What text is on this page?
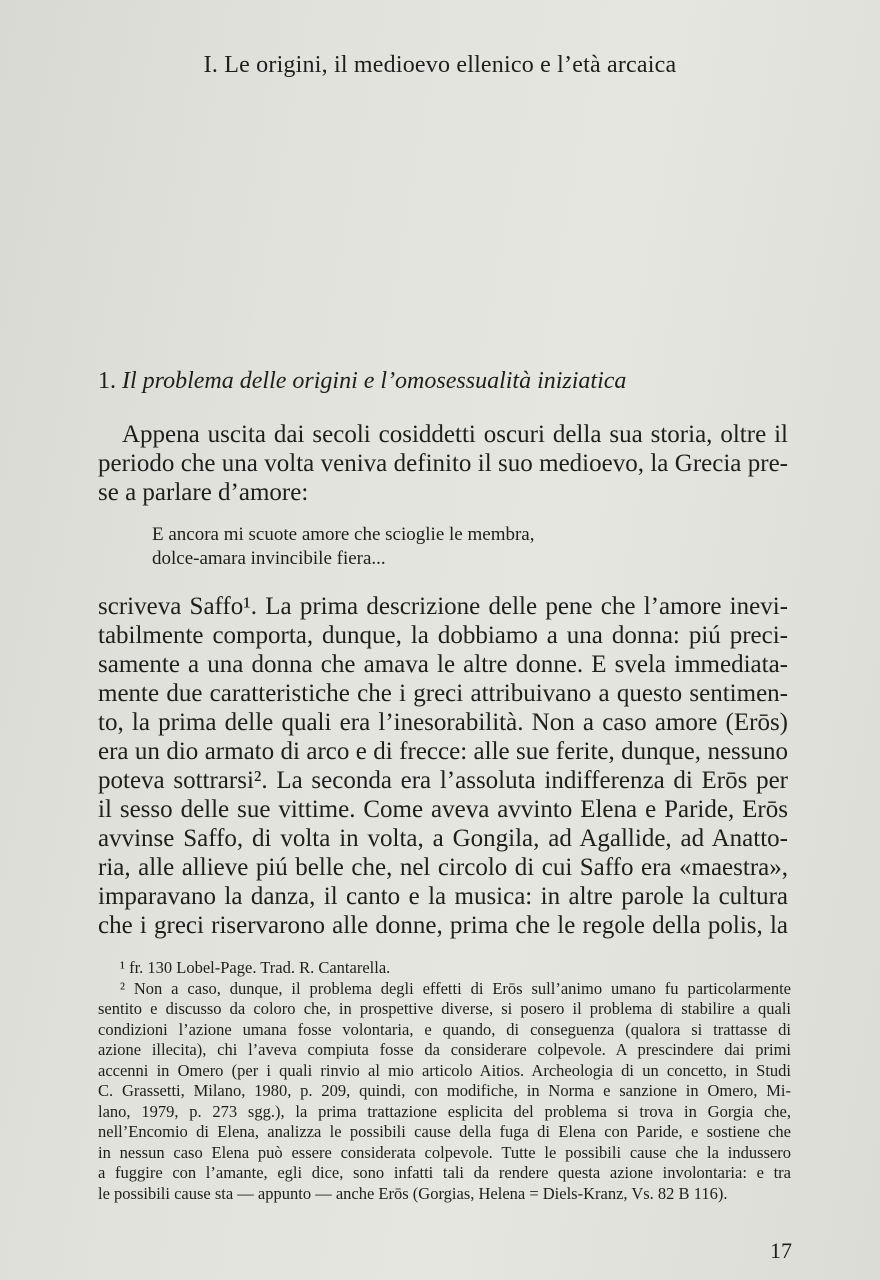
I. Le origini, il medioevo ellenico e l’età arcaica
1. Il problema delle origini e l’omosessualità iniziatica
Appena uscita dai secoli cosiddetti oscuri della sua storia, oltre il
periodo che una volta veniva definito il suo medioevo, la Grecia pre-
se a parlare d’amore:
E ancora mi scuote amore che scioglie le membra,
dolce-amara invincibile fiera...
scriveva Saffo¹. La prima descrizione delle pene che l’amore inevi-
tabilmente comporta, dunque, la dobbiamo a una donna: piú preci-
samente a una donna che amava le altre donne. E svela immediata-
mente due caratteristiche che i greci attribuivano a questo sentimen-
to, la prima delle quali era l’inesorabilità. Non a caso amore (Erōs)
era un dio armato di arco e di frecce: alle sue ferite, dunque, nessuno
poteva sottrarsi². La seconda era l’assoluta indifferenza di Erōs per
il sesso delle sue vittime. Come aveva avvinto Elena e Paride, Erōs
avvinse Saffo, di volta in volta, a Gongila, ad Agallide, ad Anatto-
ria, alle allieve piú belle che, nel circolo di cui Saffo era «maestra»,
imparavano la danza, il canto e la musica: in altre parole la cultura
che i greci riservarono alle donne, prima che le regole della polis, la
¹ fr. 130 Lobel-Page. Trad. R. Cantarella.
² Non a caso, dunque, il problema degli effetti di Erōs sull’animo umano fu particolarmente
sentito e discusso da coloro che, in prospettive diverse, si posero il problema di stabilire a quali
condizioni l’azione umana fosse volontaria, e quando, di conseguenza (qualora si trattasse di
azione illecita), chi l’aveva compiuta fosse da considerare colpevole. A prescindere dai primi
accenni in Omero (per i quali rinvio al mio articolo Aitios. Archeologia di un concetto, in Studi
C. Grassetti, Milano, 1980, p. 209, quindi, con modifiche, in Norma e sanzione in Omero, Mi-
lano, 1979, p. 273 sgg.), la prima trattazione esplicita del problema si trova in Gorgia che,
nell’Encomio di Elena, analizza le possibili cause della fuga di Elena con Paride, e sostiene che
in nessun caso Elena può essere considerata colpevole. Tutte le possibili cause che la indussero
a fuggire con l’amante, egli dice, sono infatti tali da rendere questa azione involontaria: e tra
le possibili cause sta — appunto — anche Erōs (Gorgias, Helena = Diels-Kranz, Vs. 82 B 116).
17
